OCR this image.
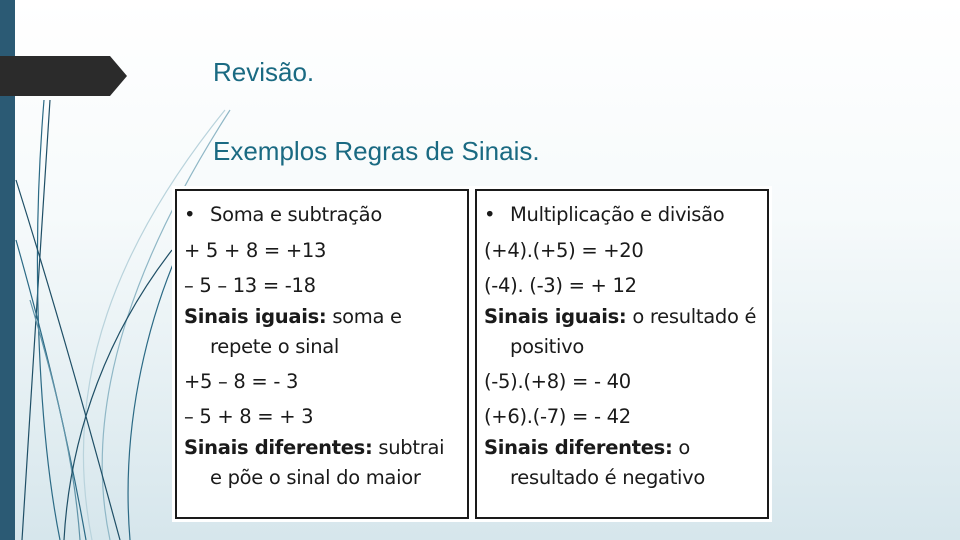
Revisão.
Exemplos Regras de Sinais.
• Soma e subtração
+ 5 + 8 = +13
– 5 – 13 = -18
Sinais iguais: soma e
repete o sinal
+5 – 8 = - 3
– 5 + 8 = + 3
Sinais diferentes: subtrai
e põe o sinal do maior
• Multiplicação e divisão
(+4).(+5) = +20
(-4). (-3) = + 12
Sinais iguais: o resultado é
positivo
(-5).(+8) = - 40
(+6).(-7) = - 42
Sinais diferentes: o
resultado é negativo
